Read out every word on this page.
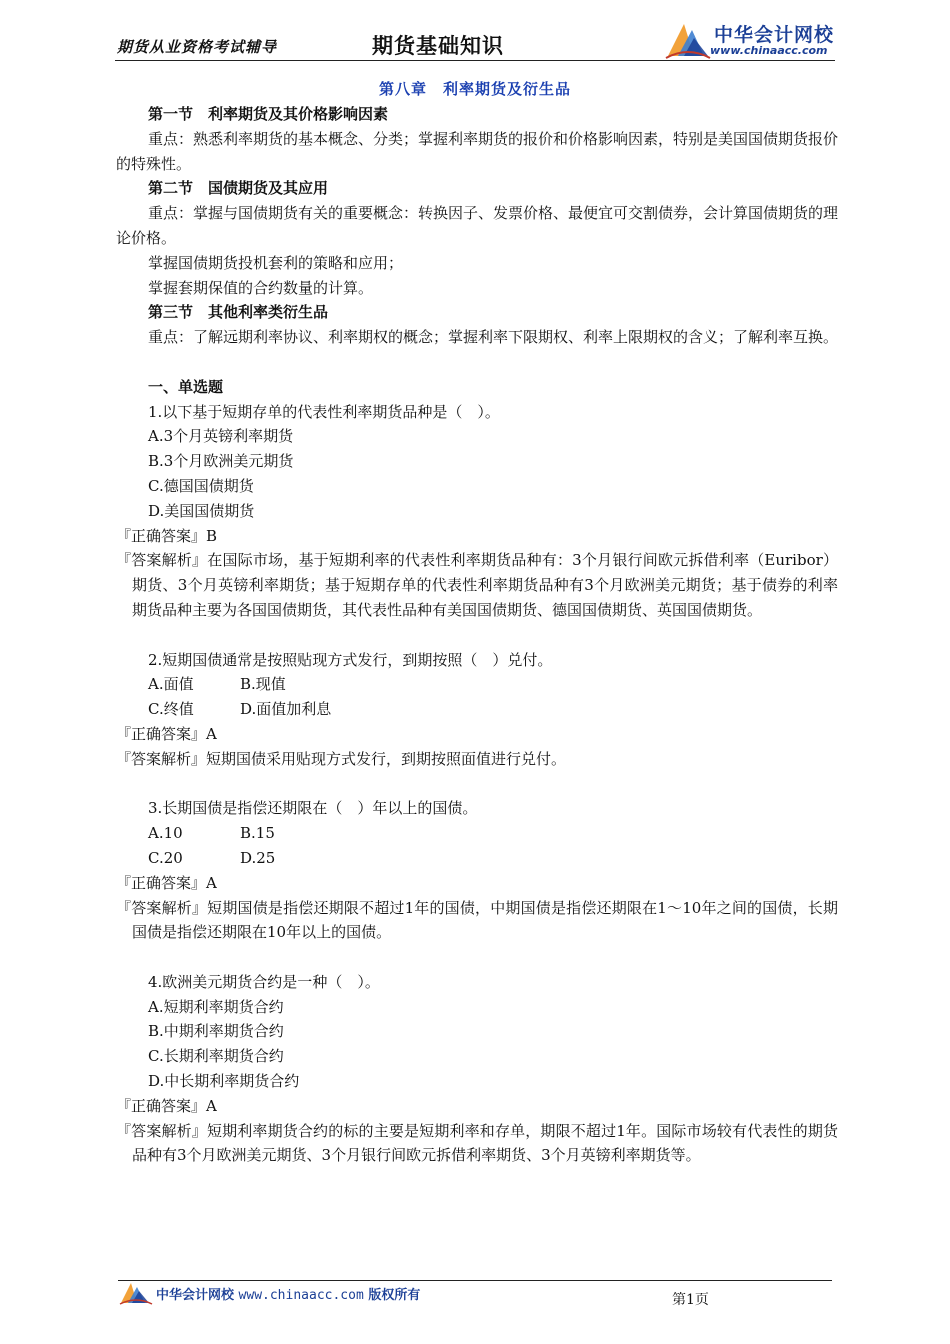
期货从业资格考试辅导	期货基础知识	中华会计网校
www.chinaacc.com
第八章　利率期货及衍生品
第一节　利率期货及其价格影响因素

重点：熟悉利率期货的基本概念、分类；掌握利率期货的报价和价格影响因素，特别是美国国债期货报价的特殊性。

第二节　国债期货及其应用

重点：掌握与国债期货有关的重要概念：转换因子、发票价格、最便宜可交割债券，会计算国债期货的理论价格。

掌握国债期货投机套利的策略和应用；

掌握套期保值的合约数量的计算。

第三节　其他利率类衍生品

重点：了解远期利率协议、利率期权的概念；掌握利率下限期权、利率上限期权的含义；了解利率互换。

一、单选题
1.以下基于短期存单的代表性利率期货品种是（　）。
A.3个月英镑利率期货
B.3个月欧洲美元期货
C.德国国债期货
D.美国国债期货
『正确答案』B
『答案解析』在国际市场，基于短期利率的代表性利率期货品种有：3个月银行间欧元拆借利率（Euribor）期货、3个月英镑利率期货；基于短期存单的代表性利率期货品种有3个月欧洲美元期货；基于债券的利率期货品种主要为各国国债期货，其代表性品种有美国国债期货、德国国债期货、英国国债期货。
2.短期国债通常是按照贴现方式发行，到期按照（　）兑付。
A.面值	B.现值
C.终值	D.面值加利息
『正确答案』A
『答案解析』短期国债采用贴现方式发行，到期按照面值进行兑付。
3.长期国债是指偿还期限在（　）年以上的国债。
A.10	B.15
C.20	D.25
『正确答案』A
『答案解析』短期国债是指偿还期限不超过1年的国债，中期国债是指偿还期限在1～10年之间的国债，长期国债是指偿还期限在10年以上的国债。
4.欧洲美元期货合约是一种（　）。
A.短期利率期货合约
B.中期利率期货合约
C.长期利率期货合约
D.中长期利率期货合约
『正确答案』A
『答案解析』短期利率期货合约的标的主要是短期利率和存单，期限不超过1年。国际市场较有代表性的期货品种有3个月欧洲美元期货、3个月银行间欧元拆借利率期货、3个月英镑利率期货等。
中华会计网校 www.chinaacc.com 版权所有	第1页
